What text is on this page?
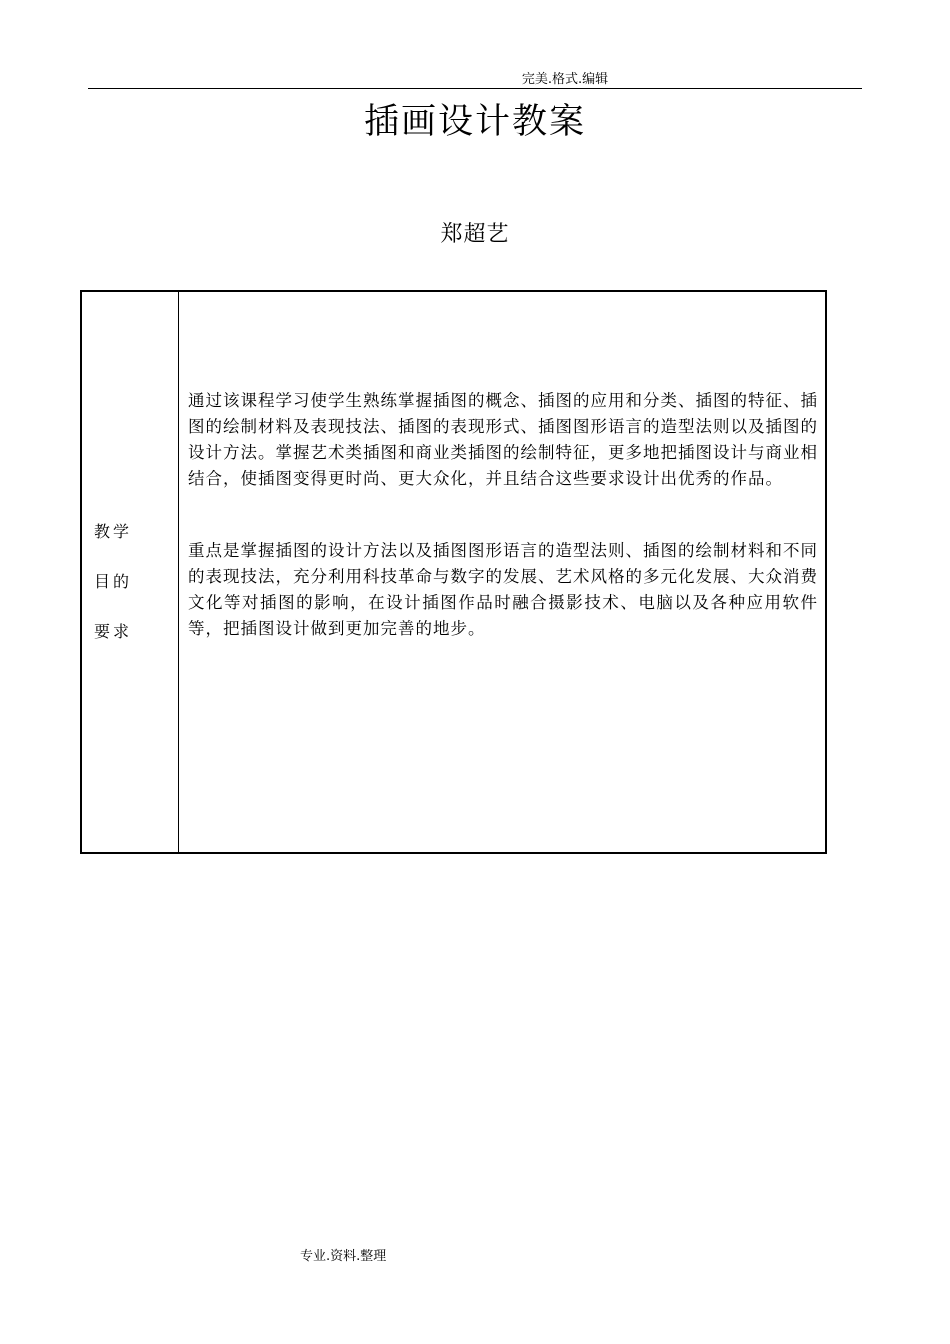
完美.格式.编辑
插画设计教案
郑超艺
教学
目的
要求
通过该课程学习使学生熟练掌握插图的概念、插图的应用和分类、插图的特征、插图的绘制材料及表现技法、插图的表现形式、插图图形语言的造型法则以及插图的设计方法。掌握艺术类插图和商业类插图的绘制特征，更多地把插图设计与商业相结合，使插图变得更时尚、更大众化，并且结合这些要求设计出优秀的作品。
重点是掌握插图的设计方法以及插图图形语言的造型法则、插图的绘制材料和不同的表现技法，充分利用科技革命与数字的发展、艺术风格的多元化发展、大众消费文化等对插图的影响，在设计插图作品时融合摄影技术、电脑以及各种应用软件等，把插图设计做到更加完善的地步。
专业.资料.整理
